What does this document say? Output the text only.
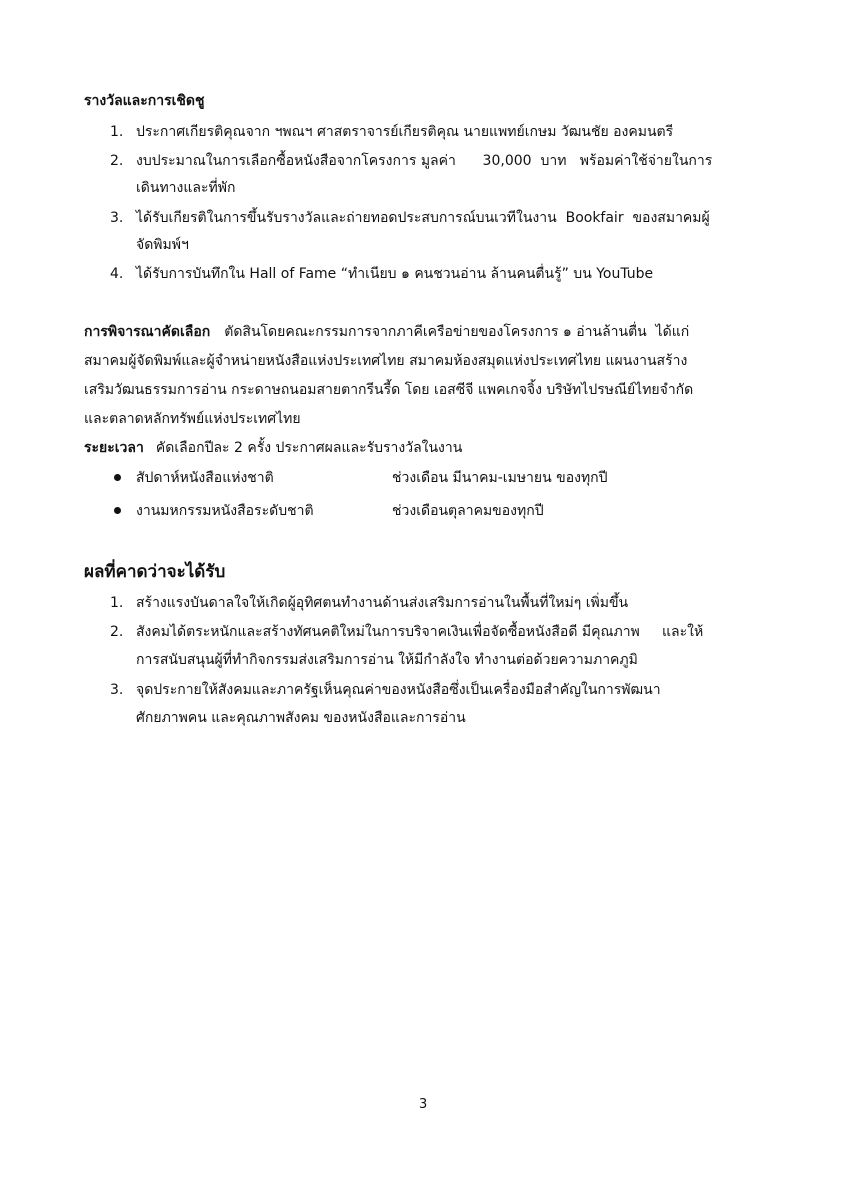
รางวัลและการเชิดชู
1. ประกาศเกียรติคุณจาก ฯพณฯ ศาสตราจารย์เกียรติคุณ นายแพทย์เกษม วัฒนชัย องคมนตรี
2. งบประมาณในการเลือกซื้อหนังสือจากโครงการ มูลค่า      30,000  บาท   พร้อมค่าใช้จ่ายในการ
เดินทางและที่พัก
3. ได้รับเกียรติในการขึ้นรับรางวัลและถ่ายทอดประสบการณ์บนเวทีในงาน  Bookfair  ของสมาคมผู้
จัดพิมพ์ฯ
4. ได้รับการบันทึกใน Hall of Fame “ทำเนียบ ๑ คนชวนอ่าน ล้านคนตื่นรู้” บน YouTube
การพิจารณาคัดเลือก ตัดสินโดยคณะกรรมการจากภาคีเครือข่ายของโครงการ ๑ อ่านล้านตื่น  ได้แก่
สมาคมผู้จัดพิมพ์และผู้จำหน่ายหนังสือแห่งประเทศไทย สมาคมห้องสมุดแห่งประเทศไทย แผนงานสร้าง
เสริมวัฒนธรรมการอ่าน กระดาษถนอมสายตากรีนรี้ด โดย เอสซีจี แพคเกจจิ้ง บริษัทไปรษณีย์ไทยจำกัด
และตลาดหลักทรัพย์แห่งประเทศไทย
ระยะเวลา คัดเลือกปีละ 2 ครั้ง ประกาศผลและรับรางวัลในงาน
สัปดาห์หนังสือแห่งชาติ	ช่วงเดือน มีนาคม-เมษายน ของทุกปี
งานมหกรรมหนังสือระดับชาติ	ช่วงเดือนตุลาคมของทุกปี
ผลที่คาดว่าจะได้รับ
1. สร้างแรงบันดาลใจให้เกิดผู้อุทิศตนทำงานด้านส่งเสริมการอ่านในพื้นที่ใหม่ๆ เพิ่มขึ้น
2. สังคมได้ตระหนักและสร้างทัศนคติใหม่ในการบริจาคเงินเพื่อจัดซื้อหนังสือดี มีคุณภาพ     และให้
การสนับสนุนผู้ที่ทำกิจกรรมส่งเสริมการอ่าน ให้มีกำลังใจ ทำงานต่อด้วยความภาคภูมิ
3. จุดประกายให้สังคมและภาครัฐเห็นคุณค่าของหนังสือซึ่งเป็นเครื่องมือสำคัญในการพัฒนา
ศักยภาพคน และคุณภาพสังคม ของหนังสือและการอ่าน
3
